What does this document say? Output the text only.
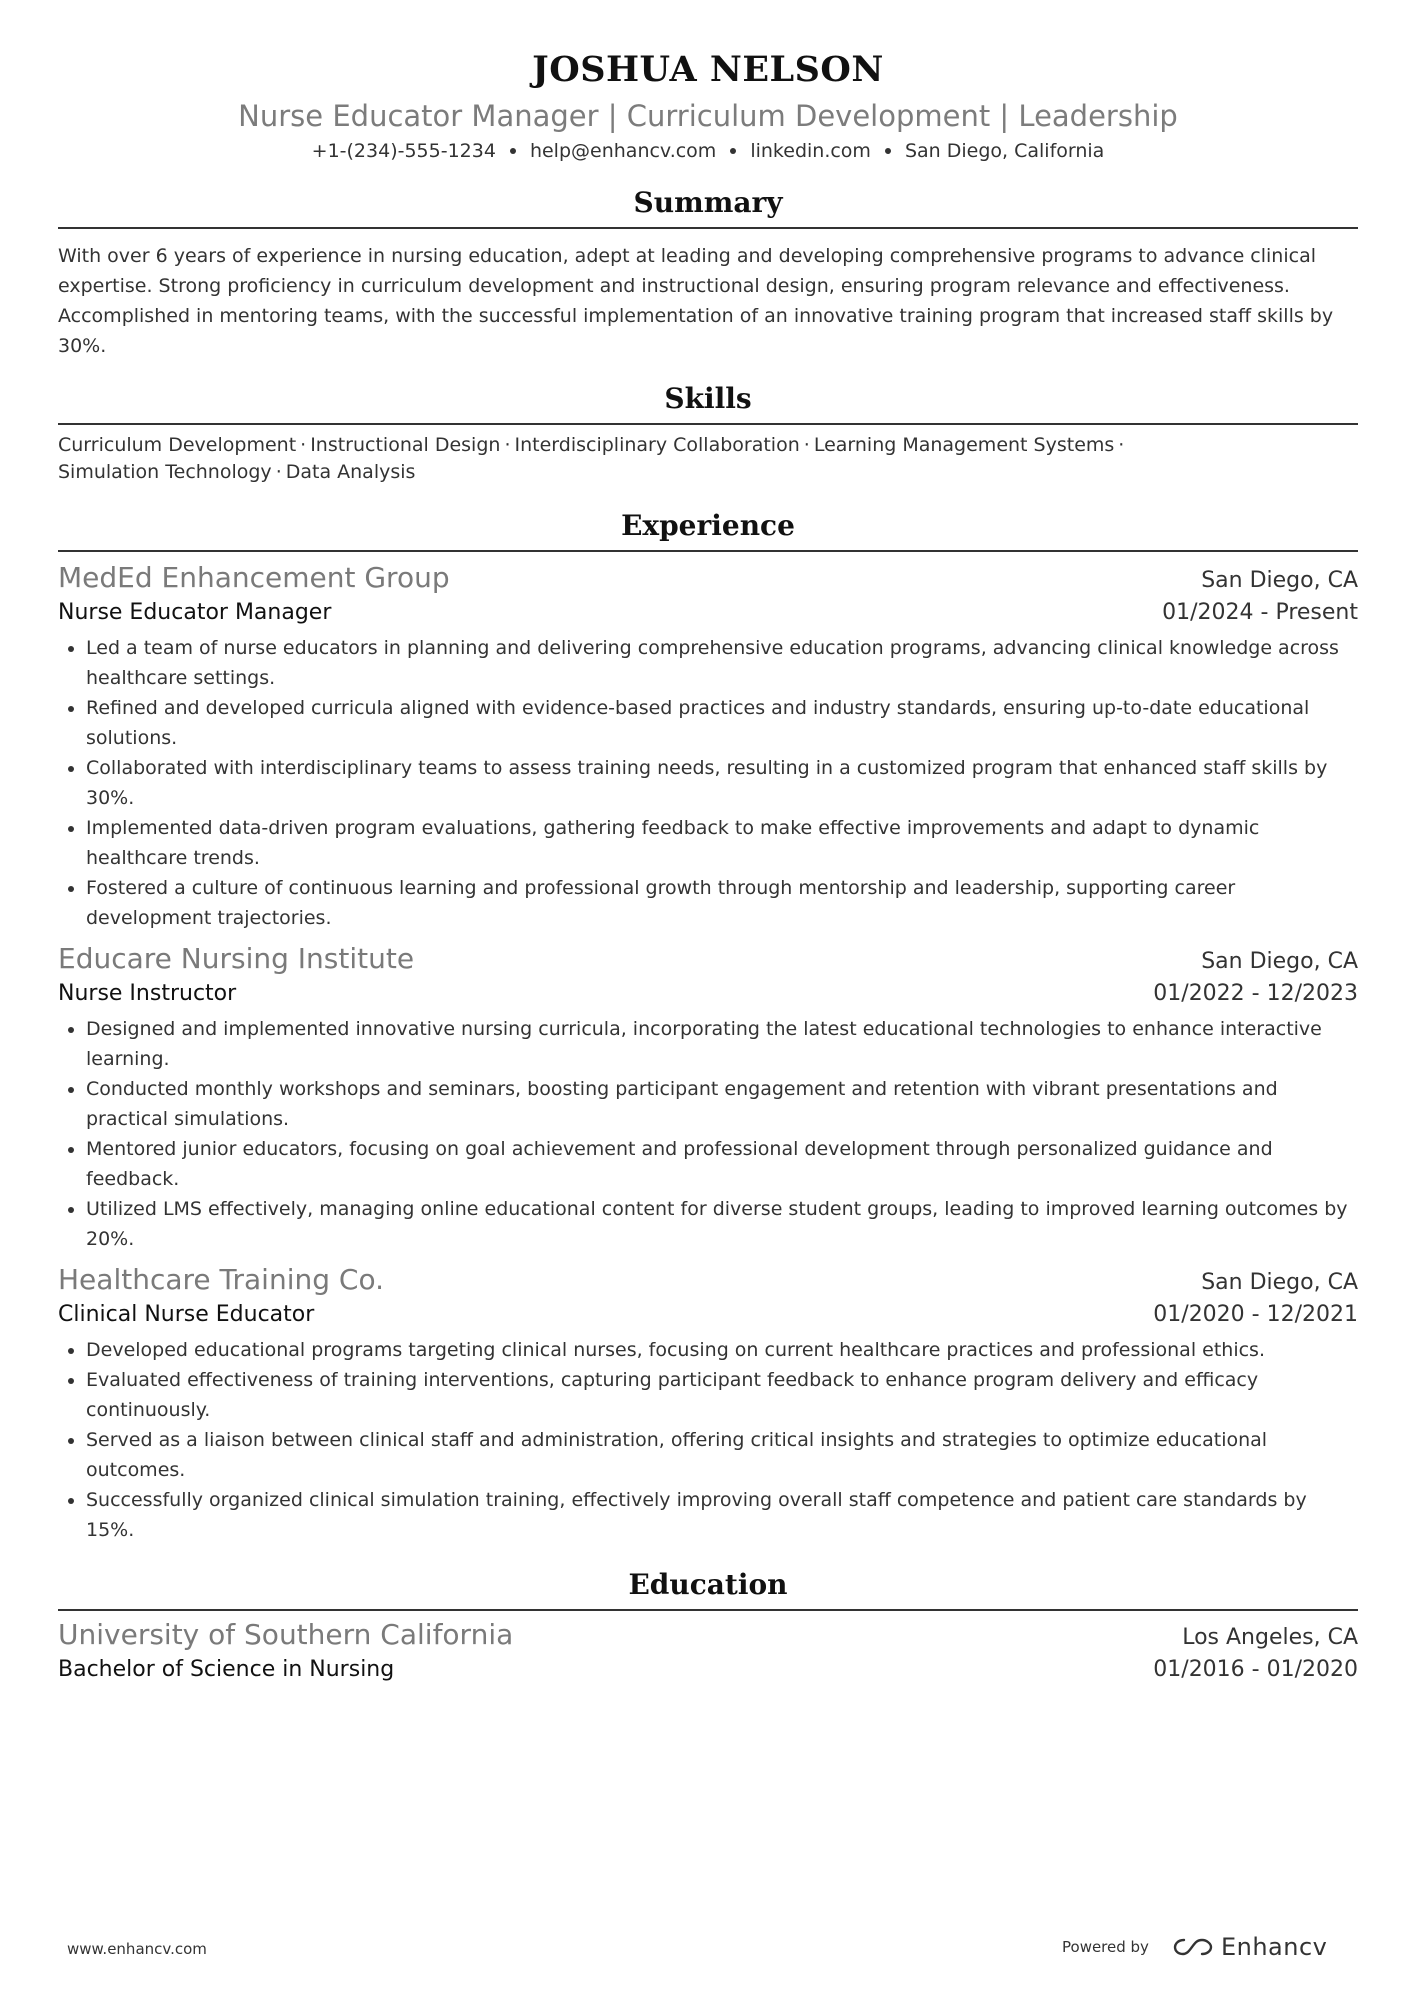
JOSHUA NELSON
Nurse Educator Manager | Curriculum Development | Leadership
+1-(234)-555-1234 help@enhancv.com linkedin.com San Diego, California
Summary
With over 6 years of experience in nursing education, adept at leading and developing comprehensive programs to advance clinical expertise. Strong proficiency in curriculum development and instructional design, ensuring program relevance and effectiveness. Accomplished in mentoring teams, with the successful implementation of an innovative training program that increased staff skills by 30%.
Skills
Curriculum Development · Instructional Design · Interdisciplinary Collaboration · Learning Management Systems ·
Simulation Technology · Data Analysis
Experience
MedEd Enhancement Group	San Diego, CA
Nurse Educator Manager	01/2024 - Present
• Led a team of nurse educators in planning and delivering comprehensive education programs, advancing clinical knowledge across healthcare settings.
• Refined and developed curricula aligned with evidence-based practices and industry standards, ensuring up-to-date educational solutions.
• Collaborated with interdisciplinary teams to assess training needs, resulting in a customized program that enhanced staff skills by 30%.
• Implemented data-driven program evaluations, gathering feedback to make effective improvements and adapt to dynamic healthcare trends.
• Fostered a culture of continuous learning and professional growth through mentorship and leadership, supporting career development trajectories.
Educare Nursing Institute	San Diego, CA
Nurse Instructor	01/2022 - 12/2023
• Designed and implemented innovative nursing curricula, incorporating the latest educational technologies to enhance interactive learning.
• Conducted monthly workshops and seminars, boosting participant engagement and retention with vibrant presentations and practical simulations.
• Mentored junior educators, focusing on goal achievement and professional development through personalized guidance and feedback.
• Utilized LMS effectively, managing online educational content for diverse student groups, leading to improved learning outcomes by 20%.
Healthcare Training Co.	San Diego, CA
Clinical Nurse Educator	01/2020 - 12/2021
• Developed educational programs targeting clinical nurses, focusing on current healthcare practices and professional ethics.
• Evaluated effectiveness of training interventions, capturing participant feedback to enhance program delivery and efficacy continuously.
• Served as a liaison between clinical staff and administration, offering critical insights and strategies to optimize educational outcomes.
• Successfully organized clinical simulation training, effectively improving overall staff competence and patient care standards by 15%.
Education
University of Southern California	Los Angeles, CA
Bachelor of Science in Nursing	01/2016 - 01/2020
www.enhancv.com	Powered by	Enhancv
